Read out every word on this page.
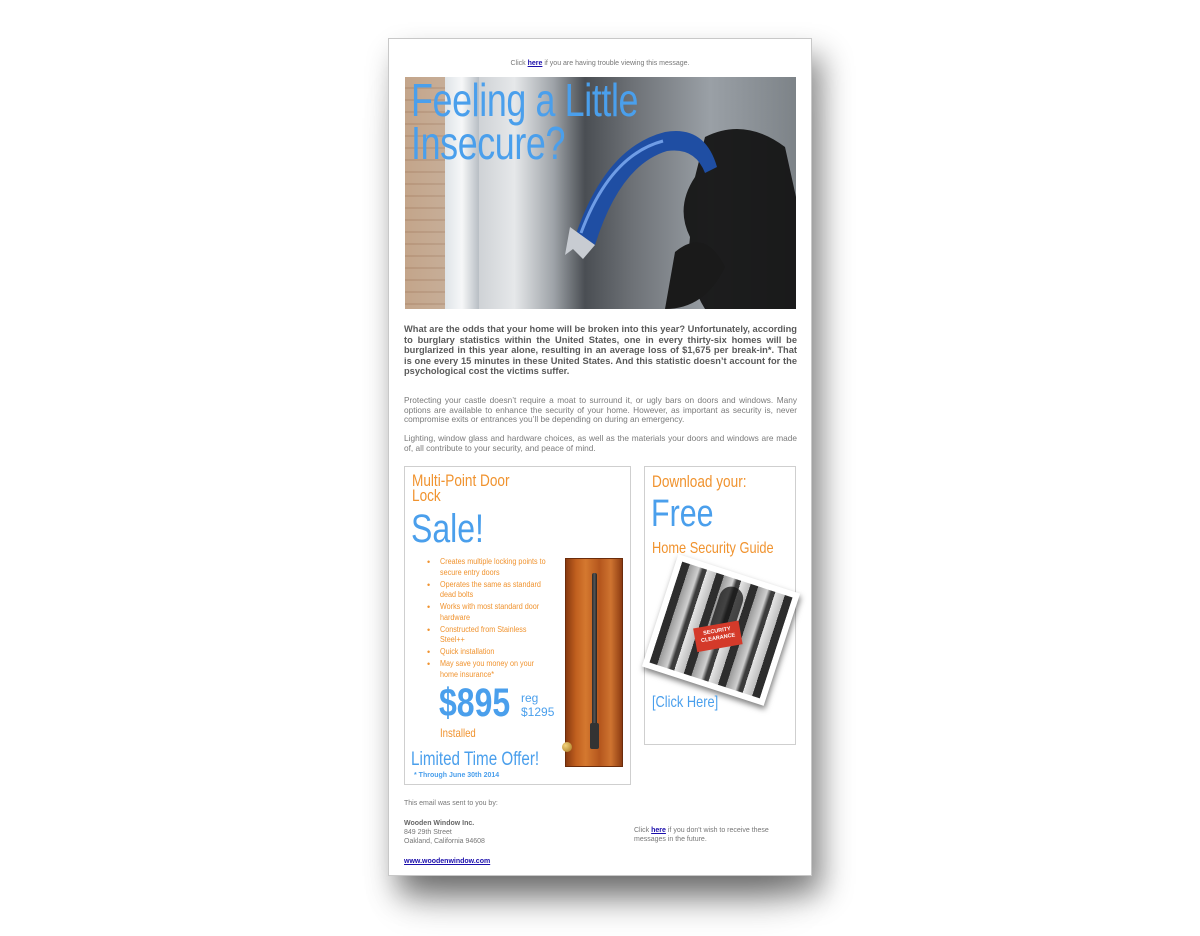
Click here if you are having trouble viewing this message.
Feeling a Little
Insecure?
What are the odds that your home will be broken into this year? Unfortunately, according to burglary statistics within the United States, one in every thirty-six homes will be burglarized in this year alone, resulting in an average loss of $1,675 per break-in*. That is one every 15 minutes in these United States. And this statistic doesn’t account for the psychological cost the victims suffer.
Protecting your castle doesn’t require a moat to surround it, or ugly bars on doors and windows. Many options are available to enhance the security of your home. However, as important as security is, never compromise exits or entrances you’ll be depending on during an emergency.
Lighting, window glass and hardware choices, as well as the materials your doors and windows are made of, all contribute to your security, and peace of mind.
Multi-Point Door
Lock
Sale!
• Creates multiple locking points to secure entry doors
• Operates the same as standard dead bolts
• Works with most standard door hardware
• Constructed from Stainless Steel++
• Quick installation
• May save you money on your home insurance*
$895 reg
$1295
Installed
Limited Time Offer!
* Through June 30th 2014
Download your:
Free
Home Security Guide
SECURITY CLEARANCE
[Click Here]
This email was sent to you by:
Wooden Window Inc.
849 29th Street
Oakland, California 94608
Click here if you don't wish to receive these messages in the future.
www.woodenwindow.com
